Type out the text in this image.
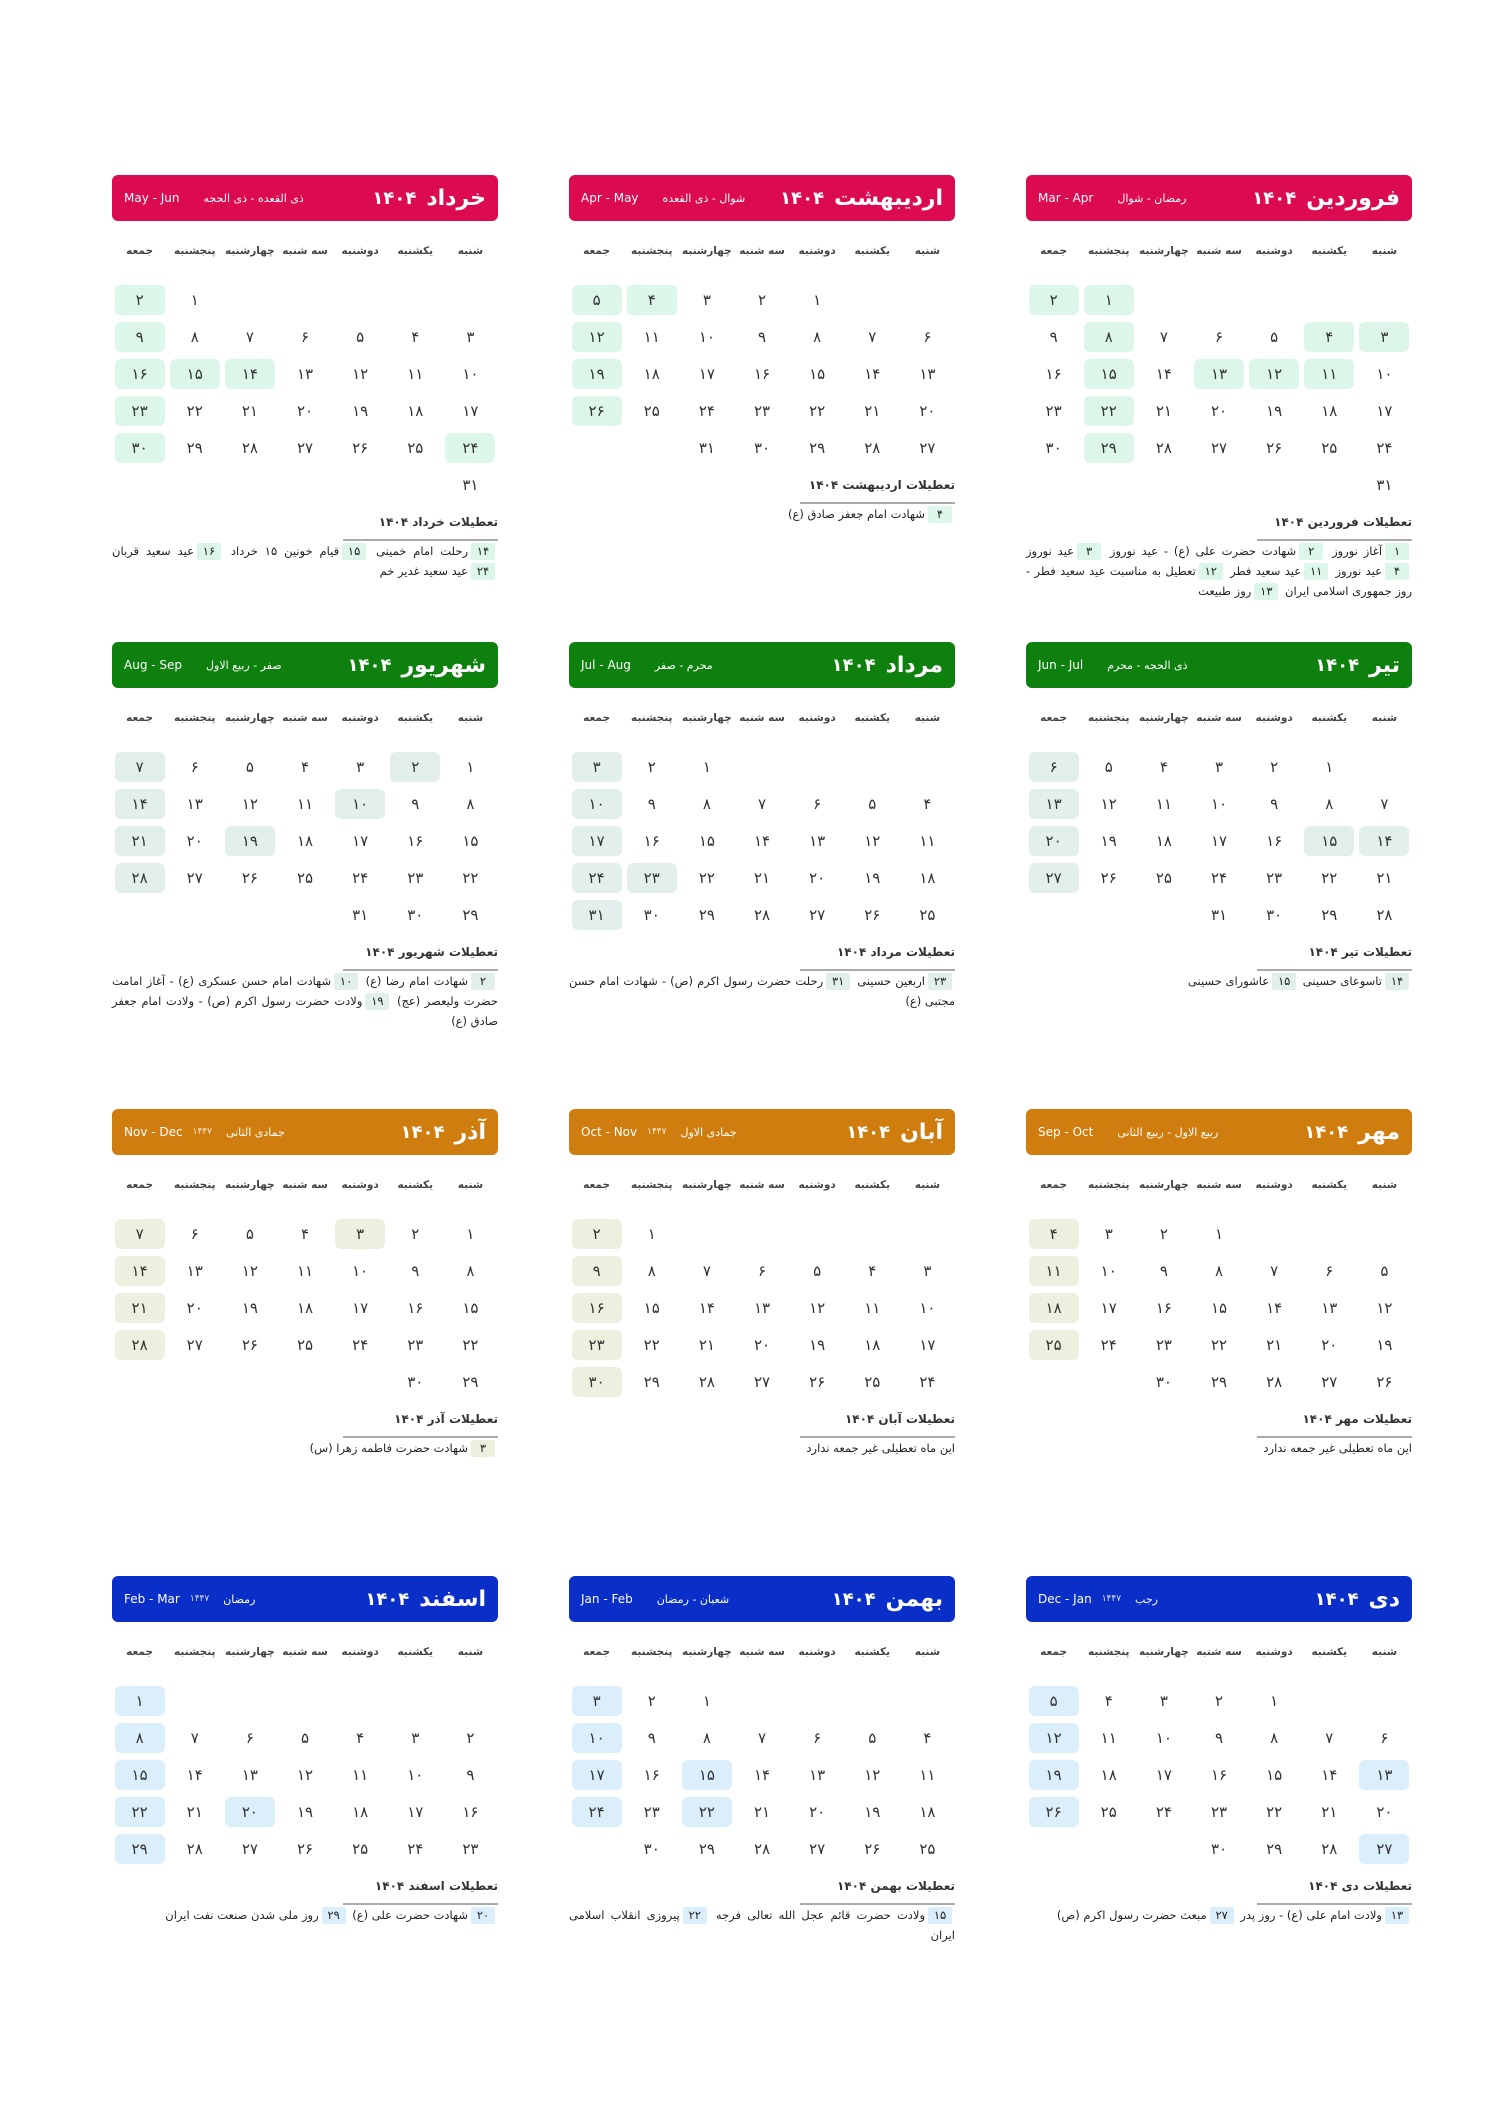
فروردین
۱۴۰۴
رمضان - شوال
Mar - Apr
شنبه
یکشنبه
دوشنبه
سه شنبه
چهارشنبه
پنجشنبه
جمعه
۱
۲
۳
۴
۵
۶
۷
۸
۹
۱۰
۱۱
۱۲
۱۳
۱۴
۱۵
۱۶
۱۷
۱۸
۱۹
۲۰
۲۱
۲۲
۲۳
۲۴
۲۵
۲۶
۲۷
۲۸
۲۹
۳۰
۳۱
تعطیلات فروردین ۱۴۰۴
۱آغاز نوروز ۲شهادت حضرت علی (ع) - عید نوروز ۳عید نوروز ۴عید نوروز ۱۱عید سعید فطر ۱۲تعطیل به مناسبت عید سعید فطر - روز جمهوری اسلامی ایران ۱۳روز طبیعت
اردیبهشت
۱۴۰۴
شوال - ذی القعده
Apr - May
شنبه
یکشنبه
دوشنبه
سه شنبه
چهارشنبه
پنجشنبه
جمعه
۱
۲
۳
۴
۵
۶
۷
۸
۹
۱۰
۱۱
۱۲
۱۳
۱۴
۱۵
۱۶
۱۷
۱۸
۱۹
۲۰
۲۱
۲۲
۲۳
۲۴
۲۵
۲۶
۲۷
۲۸
۲۹
۳۰
۳۱
تعطیلات اردیبهشت ۱۴۰۴
۴شهادت امام جعفر صادق (ع)
خرداد
۱۴۰۴
ذی القعده - ذی الحجه
May - Jun
شنبه
یکشنبه
دوشنبه
سه شنبه
چهارشنبه
پنجشنبه
جمعه
۱
۲
۳
۴
۵
۶
۷
۸
۹
۱۰
۱۱
۱۲
۱۳
۱۴
۱۵
۱۶
۱۷
۱۸
۱۹
۲۰
۲۱
۲۲
۲۳
۲۴
۲۵
۲۶
۲۷
۲۸
۲۹
۳۰
۳۱
تعطیلات خرداد ۱۴۰۴
۱۴رحلت امام خمینی ۱۵قیام خونین ۱۵ خرداد ۱۶عید سعید قربان ۲۴عید سعید غدیر خم
تیر
۱۴۰۴
ذی الحجه - محرم
Jun - Jul
شنبه
یکشنبه
دوشنبه
سه شنبه
چهارشنبه
پنجشنبه
جمعه
۱
۲
۳
۴
۵
۶
۷
۸
۹
۱۰
۱۱
۱۲
۱۳
۱۴
۱۵
۱۶
۱۷
۱۸
۱۹
۲۰
۲۱
۲۲
۲۳
۲۴
۲۵
۲۶
۲۷
۲۸
۲۹
۳۰
۳۱
تعطیلات تیر ۱۴۰۴
۱۴تاسوعای حسینی ۱۵عاشورای حسینی
مرداد
۱۴۰۴
محرم - صفر
Jul - Aug
شنبه
یکشنبه
دوشنبه
سه شنبه
چهارشنبه
پنجشنبه
جمعه
۱
۲
۳
۴
۵
۶
۷
۸
۹
۱۰
۱۱
۱۲
۱۳
۱۴
۱۵
۱۶
۱۷
۱۸
۱۹
۲۰
۲۱
۲۲
۲۳
۲۴
۲۵
۲۶
۲۷
۲۸
۲۹
۳۰
۳۱
تعطیلات مرداد ۱۴۰۴
۲۳اربعین حسینی ۳۱رحلت حضرت رسول اکرم (ص) - شهادت امام حسن مجتبی (ع)
شهریور
۱۴۰۴
صفر - ربیع الاول
Aug - Sep
شنبه
یکشنبه
دوشنبه
سه شنبه
چهارشنبه
پنجشنبه
جمعه
۱
۲
۳
۴
۵
۶
۷
۸
۹
۱۰
۱۱
۱۲
۱۳
۱۴
۱۵
۱۶
۱۷
۱۸
۱۹
۲۰
۲۱
۲۲
۲۳
۲۴
۲۵
۲۶
۲۷
۲۸
۲۹
۳۰
۳۱
تعطیلات شهریور ۱۴۰۴
۲شهادت امام رضا (ع) ۱۰شهادت امام حسن عسکری (ع) - آغاز امامت حضرت ولیعصر (عج) ۱۹ولادت حضرت رسول اکرم (ص) - ولادت امام جعفر صادق (ع)
مهر
۱۴۰۴
ربیع الاول - ربیع الثانی
Sep - Oct
شنبه
یکشنبه
دوشنبه
سه شنبه
چهارشنبه
پنجشنبه
جمعه
۱
۲
۳
۴
۵
۶
۷
۸
۹
۱۰
۱۱
۱۲
۱۳
۱۴
۱۵
۱۶
۱۷
۱۸
۱۹
۲۰
۲۱
۲۲
۲۳
۲۴
۲۵
۲۶
۲۷
۲۸
۲۹
۳۰
تعطیلات مهر ۱۴۰۴
این ماه تعطیلی غیر جمعه ندارد
آبان
۱۴۰۴
جمادی الاول
۱۴۴۷
Oct - Nov
شنبه
یکشنبه
دوشنبه
سه شنبه
چهارشنبه
پنجشنبه
جمعه
۱
۲
۳
۴
۵
۶
۷
۸
۹
۱۰
۱۱
۱۲
۱۳
۱۴
۱۵
۱۶
۱۷
۱۸
۱۹
۲۰
۲۱
۲۲
۲۳
۲۴
۲۵
۲۶
۲۷
۲۸
۲۹
۳۰
تعطیلات آبان ۱۴۰۴
این ماه تعطیلی غیر جمعه ندارد
آذر
۱۴۰۴
جمادی الثانی
۱۴۴۷
Nov - Dec
شنبه
یکشنبه
دوشنبه
سه شنبه
چهارشنبه
پنجشنبه
جمعه
۱
۲
۳
۴
۵
۶
۷
۸
۹
۱۰
۱۱
۱۲
۱۳
۱۴
۱۵
۱۶
۱۷
۱۸
۱۹
۲۰
۲۱
۲۲
۲۳
۲۴
۲۵
۲۶
۲۷
۲۸
۲۹
۳۰
تعطیلات آذر ۱۴۰۴
۳شهادت حضرت فاطمه زهرا (س)
دی
۱۴۰۴
رجب
۱۴۴۷
Dec - Jan
شنبه
یکشنبه
دوشنبه
سه شنبه
چهارشنبه
پنجشنبه
جمعه
۱
۲
۳
۴
۵
۶
۷
۸
۹
۱۰
۱۱
۱۲
۱۳
۱۴
۱۵
۱۶
۱۷
۱۸
۱۹
۲۰
۲۱
۲۲
۲۳
۲۴
۲۵
۲۶
۲۷
۲۸
۲۹
۳۰
تعطیلات دی ۱۴۰۴
۱۳ولادت امام علی (ع) - روز پدر ۲۷مبعث حضرت رسول اکرم (ص)
بهمن
۱۴۰۴
شعبان - رمضان
Jan - Feb
شنبه
یکشنبه
دوشنبه
سه شنبه
چهارشنبه
پنجشنبه
جمعه
۱
۲
۳
۴
۵
۶
۷
۸
۹
۱۰
۱۱
۱۲
۱۳
۱۴
۱۵
۱۶
۱۷
۱۸
۱۹
۲۰
۲۱
۲۲
۲۳
۲۴
۲۵
۲۶
۲۷
۲۸
۲۹
۳۰
تعطیلات بهمن ۱۴۰۴
۱۵ولادت حضرت قائم عجل الله تعالی فرجه ۲۲پیروزی انقلاب اسلامی ایران
اسفند
۱۴۰۴
رمضان
۱۴۴۷
Feb - Mar
شنبه
یکشنبه
دوشنبه
سه شنبه
چهارشنبه
پنجشنبه
جمعه
۱
۲
۳
۴
۵
۶
۷
۸
۹
۱۰
۱۱
۱۲
۱۳
۱۴
۱۵
۱۶
۱۷
۱۸
۱۹
۲۰
۲۱
۲۲
۲۳
۲۴
۲۵
۲۶
۲۷
۲۸
۲۹
تعطیلات اسفند ۱۴۰۴
۲۰شهادت حضرت علی (ع) ۲۹روز ملی شدن صنعت نفت ایران
